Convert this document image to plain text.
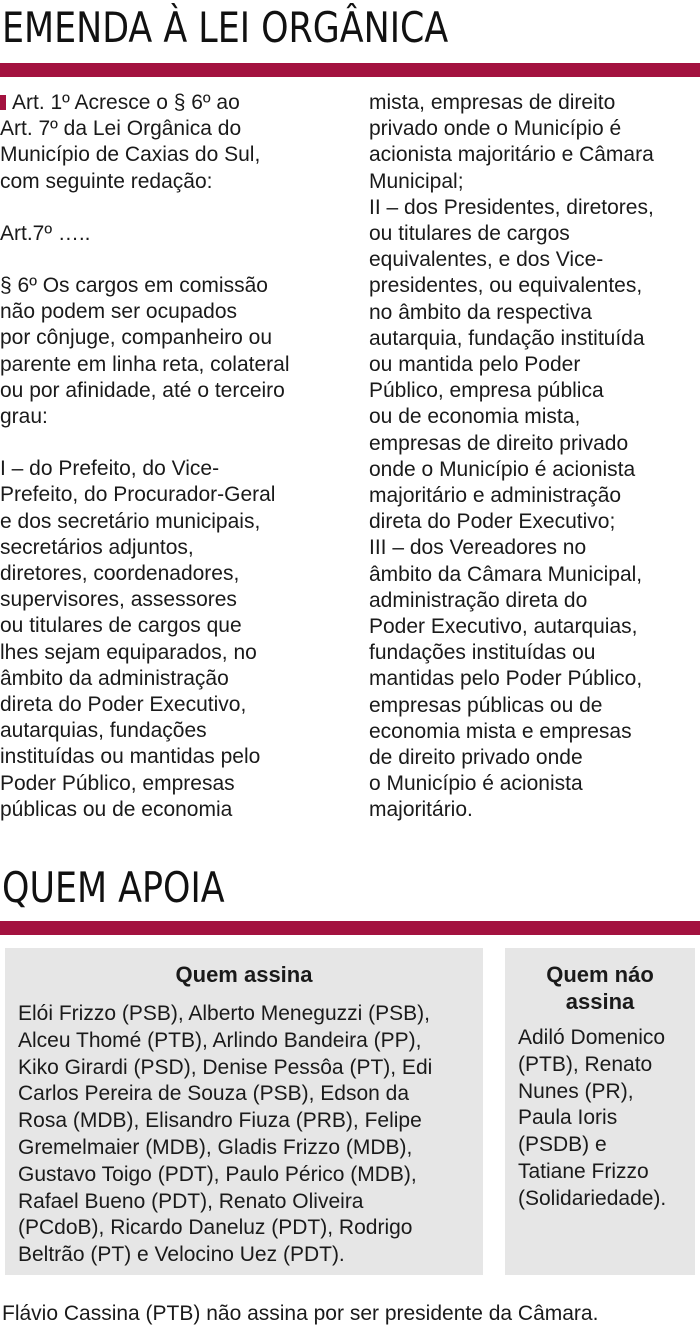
EMENDA À LEI ORGÂNICA

Art. 1º Acresce o § 6º ao

Art. 7º da Lei Orgânica do

Município de Caxias do Sul,

com seguinte redação:

Art.7º …..

§ 6º Os cargos em comissão

não podem ser ocupados

por cônjuge, companheiro ou

parente em linha reta, colateral

ou por afinidade, até o terceiro

grau:

I – do Prefeito, do Vice-

Prefeito, do Procurador-Geral

e dos secretário municipais,

secretários adjuntos,

diretores, coordenadores,

supervisores, assessores

ou titulares de cargos que

lhes sejam equiparados, no

âmbito da administração

direta do Poder Executivo,

autarquias, fundações

instituídas ou mantidas pelo

Poder Público, empresas

públicas ou de economia

mista, empresas de direito

privado onde o Município é

acionista majoritário e Câmara

Municipal;

II – dos Presidentes, diretores,

ou titulares de cargos

equivalentes, e dos Vice-

presidentes, ou equivalentes,

no âmbito da respectiva

autarquia, fundação instituída

ou mantida pelo Poder

Público, empresa pública

ou de economia mista,

empresas de direito privado

onde o Município é acionista

majoritário e administração

direta do Poder Executivo;

III – dos Vereadores no

âmbito da Câmara Municipal,

administração direta do

Poder Executivo, autarquias,

fundações instituídas ou

mantidas pelo Poder Público,

empresas públicas ou de

economia mista e empresas

de direito privado onde

o Município é acionista

majoritário.

QUEM APOIA

Quem assina

Elói Frizzo (PSB), Alberto Meneguzzi (PSB),
Alceu Thomé (PTB), Arlindo Bandeira (PP),
Kiko Girardi (PSD), Denise Pessôa (PT), Edi
Carlos Pereira de Souza (PSB), Edson da
Rosa (MDB), Elisandro Fiuza (PRB), Felipe
Gremelmaier (MDB), Gladis Frizzo (MDB),
Gustavo Toigo (PDT), Paulo Périco (MDB),
Rafael Bueno (PDT), Renato Oliveira
(PCdoB), Ricardo Daneluz (PDT), Rodrigo
Beltrão (PT) e Velocino Uez (PDT).

Quem náo
assina

Adiló Domenico
(PTB), Renato
Nunes (PR),
Paula Ioris
(PSDB) e
Tatiane Frizzo
(Solidariedade).
Flávio Cassina (PTB) não assina por ser presidente da Câmara.
